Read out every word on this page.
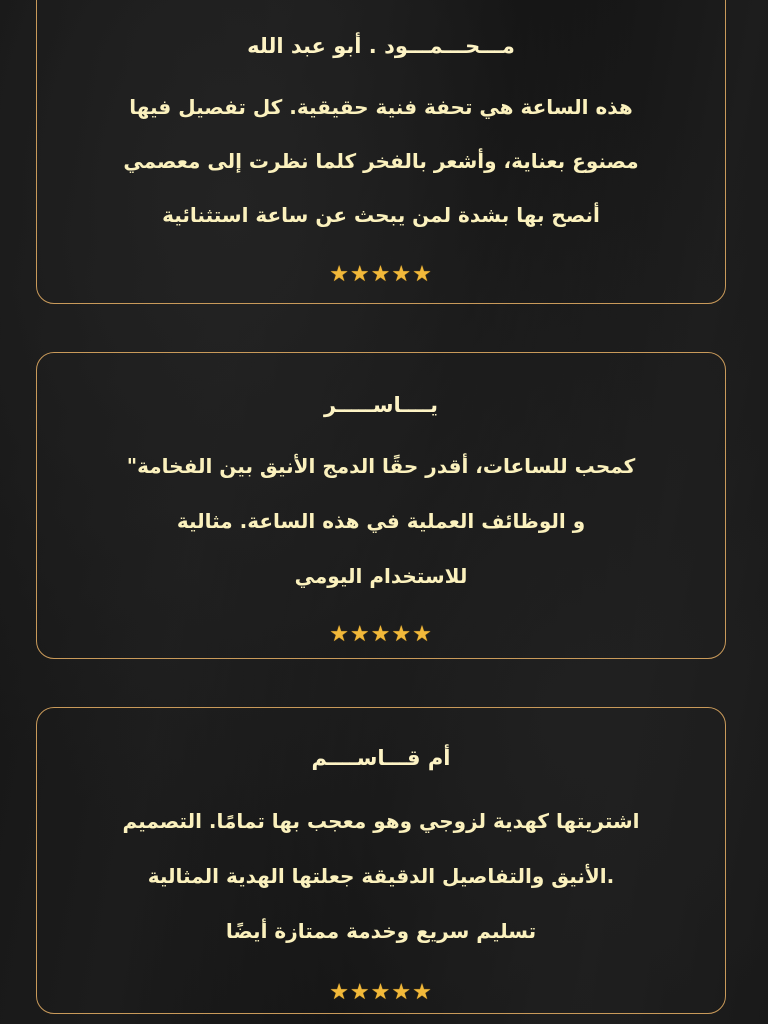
مـــحـــمـــود . أبو عبد الله
هذه الساعة هي تحفة فنية حقيقية. كل تفصيل فيها
مصنوع بعناية، وأشعر بالفخر كلما نظرت إلى معصمي
أنصح بها بشدة لمن يبحث عن ساعة استثنائية
★★★★★
يــــاســـــر
كمحب للساعات، أقدر حقًا الدمج الأنيق بين الفخامة"
و الوظائف العملية في هذه الساعة. مثالية
للاستخدام اليومي
★★★★★
أم قـــاســــم
اشتريتها كهدية لزوجي وهو معجب بها تمامًا. التصميم
.الأنيق والتفاصيل الدقيقة جعلتها الهدية المثالية
تسليم سريع وخدمة ممتازة أيضًا
★★★★★
